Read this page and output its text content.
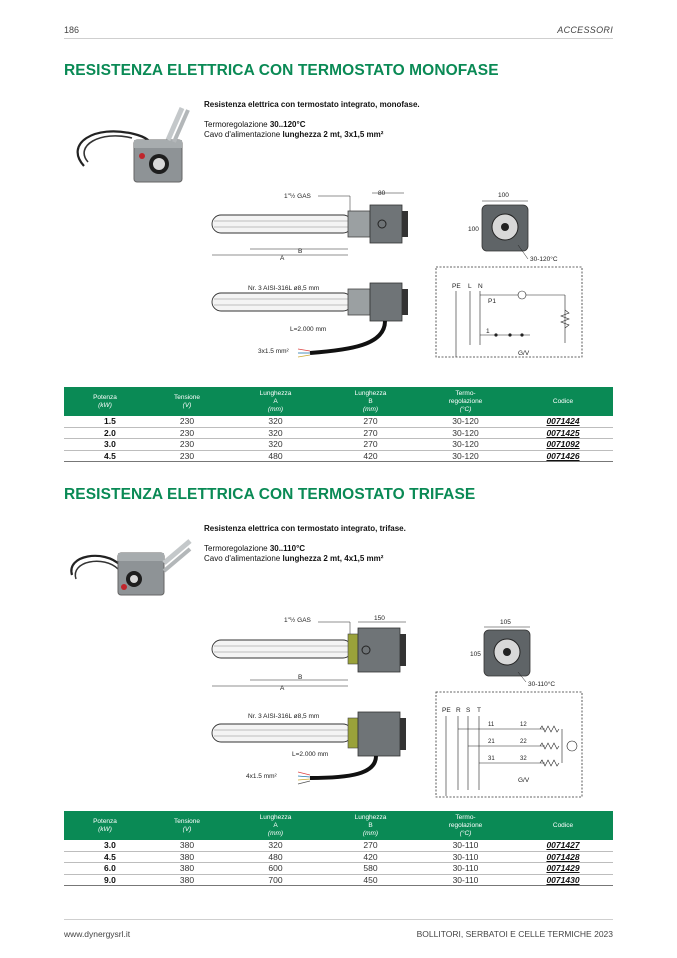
186	ACCESSORI
RESISTENZA ELETTRICA CON TERMOSTATO MONOFASE
Resistenza elettrica con termostato integrato, monofase.
Termoregolazione 30..120°C
Cavo d'alimentazione lunghezza 2 mt, 3x1,5 mm²
80
1"½ GAS
B
A
Nr. 3 AISI-316L ø8,5 mm
L=2.000 mm
3x1.5 mm²
100
100
30-120°C
PE L N
P1
1
G/V
Potenza
(kW)	Tensione
(V)	Lunghezza
A
(mm)	Lunghezza
B
(mm)	Termo-
regolazione
(°C)	Codice
1.5	230	320	270	30-120	0071424
2.0	230	320	270	30-120	0071425
3.0	230	320	270	30-120	0071092
4.5	230	480	420	30-120	0071426
RESISTENZA ELETTRICA CON TERMOSTATO TRIFASE
Resistenza elettrica con termostato integrato, trifase.
Termoregolazione 30..110°C
Cavo d'alimentazione lunghezza 2 mt, 4x1,5 mm²
150
1"½ GAS
B
A
Nr. 3 AISI-316L ø8,5 mm
L=2.000 mm
4x1.5 mm²
105
105
30-110°C
PE R S T
11	12
21	22
31	32
G/V
Potenza
(kW)	Tensione
(V)	Lunghezza
A
(mm)	Lunghezza
B
(mm)	Termo-
regolazione
(°C)	Codice
3.0	380	320	270	30-110	0071427
4.5	380	480	420	30-110	0071428
6.0	380	600	580	30-110	0071429
9.0	380	700	450	30-110	0071430
www.dynergysrl.it	BOLLITORI, SERBATOI E CELLE TERMICHE 2023
